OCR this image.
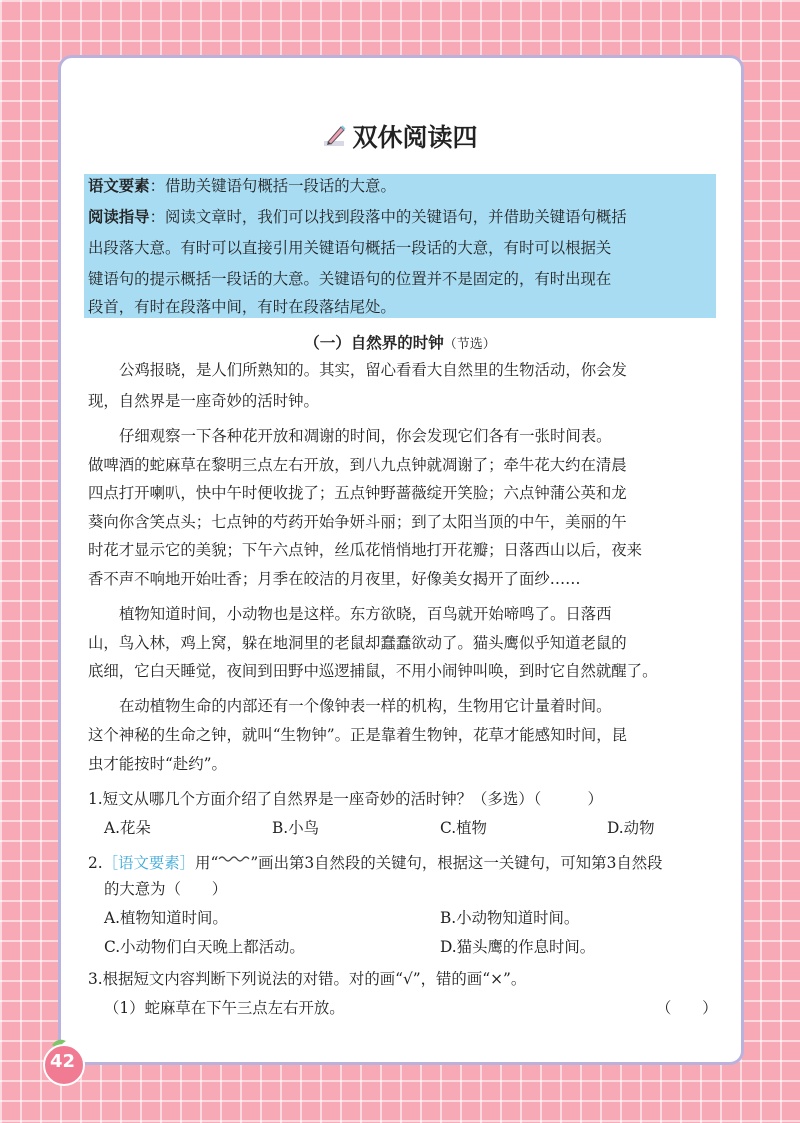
双休阅读四
语文要素：借助关键语句概括一段话的大意。
阅读指导：阅读文章时，我们可以找到段落中的关键语句，并借助关键语句概括
出段落大意。有时可以直接引用关键语句概括一段话的大意，有时可以根据关
键语句的提示概括一段话的大意。关键语句的位置并不是固定的，有时出现在
段首，有时在段落中间，有时在段落结尾处。
（一）自然界的时钟（节选）
公鸡报晓，是人们所熟知的。其实，留心看看大自然里的生物活动，你会发
现，自然界是一座奇妙的活时钟。
仔细观察一下各种花开放和凋谢的时间，你会发现它们各有一张时间表。
做啤酒的蛇麻草在黎明三点左右开放，到八九点钟就凋谢了；牵牛花大约在清晨
四点打开喇叭，快中午时便收拢了；五点钟野蔷薇绽开笑脸；六点钟蒲公英和龙
葵向你含笑点头；七点钟的芍药开始争妍斗丽；到了太阳当顶的中午，美丽的午
时花才显示它的美貌；下午六点钟，丝瓜花悄悄地打开花瓣；日落西山以后，夜来
香不声不响地开始吐香；月季在皎洁的月夜里，好像美女揭开了面纱……
植物知道时间，小动物也是这样。东方欲晓，百鸟就开始啼鸣了。日落西
山，鸟入林，鸡上窝，躲在地洞里的老鼠却蠢蠢欲动了。猫头鹰似乎知道老鼠的
底细，它白天睡觉，夜间到田野中巡逻捕鼠，不用小闹钟叫唤，到时它自然就醒了。
在动植物生命的内部还有一个像钟表一样的机构，生物用它计量着时间。
这个神秘的生命之钟，就叫“生物钟”。正是靠着生物钟，花草才能感知时间，昆
虫才能按时“赴约”。
1.短文从哪几个方面介绍了自然界是一座奇妙的活时钟？（多选）（　　　）
A.花朵	B.小鸟	C.植物	D.动物
2.［语文要素］用“ ”画出第3自然段的关键句，根据这一关键句，可知第3自然段
的大意为（　　）
A.植物知道时间。	B.小动物知道时间。
C.小动物们白天晚上都活动。	D.猫头鹰的作息时间。
3.根据短文内容判断下列说法的对错。对的画“√”，错的画“×”。
（1）蛇麻草在下午三点左右开放。	（　　）
42
